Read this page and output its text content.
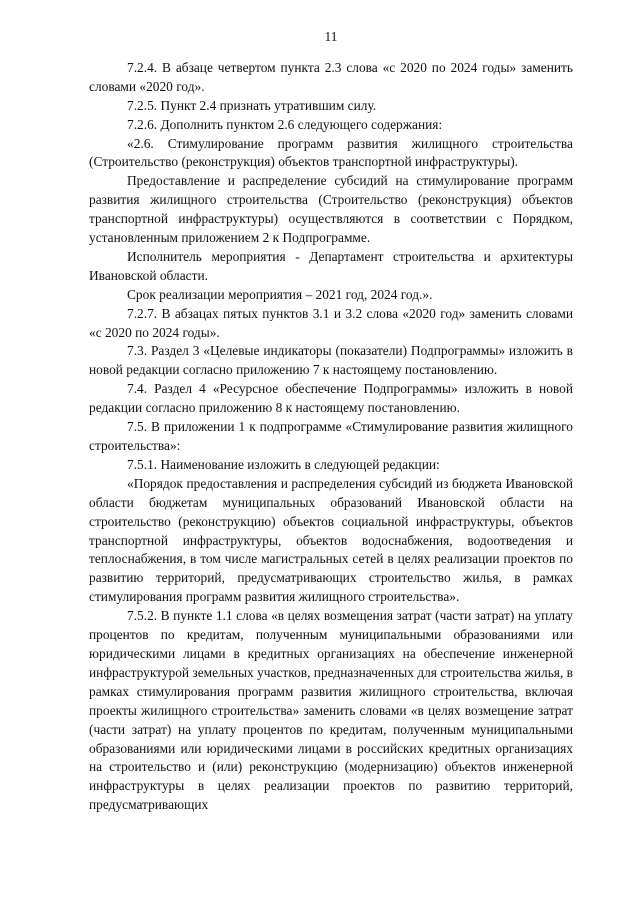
11

7.2.4. В абзаце четвертом пункта 2.3 слова «с 2020 по 2024 годы» заменить словами «2020 год».

7.2.5. Пункт 2.4 признать утратившим силу.

7.2.6. Дополнить пунктом 2.6 следующего содержания:

«2.6. Стимулирование программ развития жилищного строительства (Строительство (реконструкция) объектов транспортной инфраструктуры).

Предоставление и распределение субсидий на стимулирование программ развития жилищного строительства (Строительство (реконструкция) объектов транспортной инфраструктуры) осуществляются в соответствии с Порядком, установленным приложением 2 к Подпрограмме.

Исполнитель мероприятия - Департамент строительства и архитектуры Ивановской области.

Срок реализации мероприятия – 2021 год, 2024 год.».

7.2.7. В абзацах пятых пунктов 3.1 и 3.2 слова «2020 год» заменить словами «с 2020 по 2024 годы».

7.3. Раздел 3 «Целевые индикаторы (показатели) Подпрограммы» изложить в новой редакции согласно приложению 7 к настоящему постановлению.

7.4. Раздел 4 «Ресурсное обеспечение Подпрограммы» изложить в новой редакции согласно приложению 8 к настоящему постановлению.

7.5. В приложении 1 к подпрограмме «Стимулирование развития жилищного строительства»:

7.5.1. Наименование изложить в следующей редакции:

«Порядок предоставления и распределения субсидий из бюджета Ивановской области бюджетам муниципальных образований Ивановской области на строительство (реконструкцию) объектов социальной инфраструктуры, объектов транспортной инфраструктуры, объектов водоснабжения, водоотведения и теплоснабжения, в том числе магистральных сетей в целях реализации проектов по развитию территорий, предусматривающих строительство жилья, в рамках стимулирования программ развития жилищного строительства».

7.5.2. В пункте 1.1 слова «в целях возмещения затрат (части затрат) на уплату процентов по кредитам, полученным муниципальными образованиями или юридическими лицами в кредитных организациях на обеспечение инженерной инфраструктурой земельных участков, предназначенных для строительства жилья, в рамках стимулирования программ развития жилищного строительства, включая проекты жилищного строительства» заменить словами «в целях возмещение затрат (части затрат) на уплату процентов по кредитам, полученным муниципальными образованиями или юридическими лицами в российских кредитных организациях на строительство и (или) реконструкцию (модернизацию) объектов инженерной инфраструктуры в целях реализации проектов по развитию территорий, предусматривающих
